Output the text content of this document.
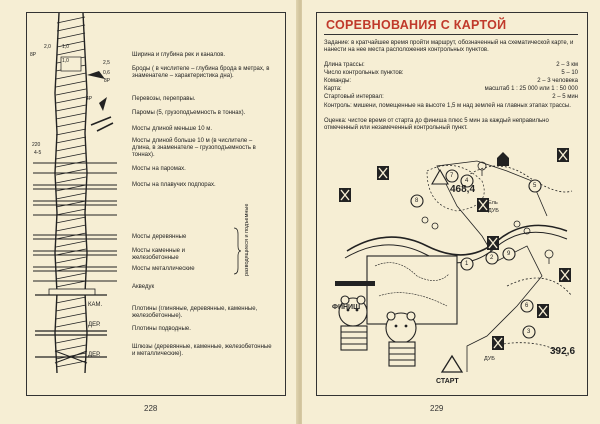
8P
2,0 1,0
1,0	2,5
0,6
8P
4P
220
4-5
КАМ.
ДЕР.
ДЕР.
Ширина и глубина рек и каналов.
Броды ( в числителе – глубина брода в метрах, в знаменателе – характеристика дна).
Перевозы, переправы.
Паромы (5, грузоподъемность в тоннах).
Мосты длиной меньше 10 м.
Мосты длиной больше 10 м (в числителе – длина, в знаменателе – грузоподъемность в тоннах).
Мосты на паромах.
Мосты на плавучих подпорах.
Мосты деревянные
Мосты каменные и железобетонные
Мосты металлические
Акведук
Плотины (глиняные, деревянные, каменные, железобетонные).
Плотины подводные.
Шлюзы (деревянные, каменные, железобетонные и металлические).
разводящиеся и подъемные
228
СОРЕВНОВАНИЯ С КАРТОЙ
Задание: в кратчайшее время пройти маршрут, обозначенный на схематической карте, и нанести на нее места расположения контрольных пунктов.
Длина трассы:	2 – 3 км
Число контрольных пунктов:	5 – 10
Команды:	2 – 3 человека
Карта:	масштаб 1 : 25 000 или 1 : 50 000
Стартовый интервал:	2 – 5 мин
Контроль: мишени, помещенные на высоте 1,5 м над землей на главных этапах трассы.
Оценка: чистое время от старта до финиша плюс 5 мин за каждый неправильно отмеченный или незамеченный контрольный пункт.
468,4
392,6
Ель
ДУБ
ДУБ
ФИНИШ
СТАРТ
1
2
3
4
5
6
7
8
9
229
